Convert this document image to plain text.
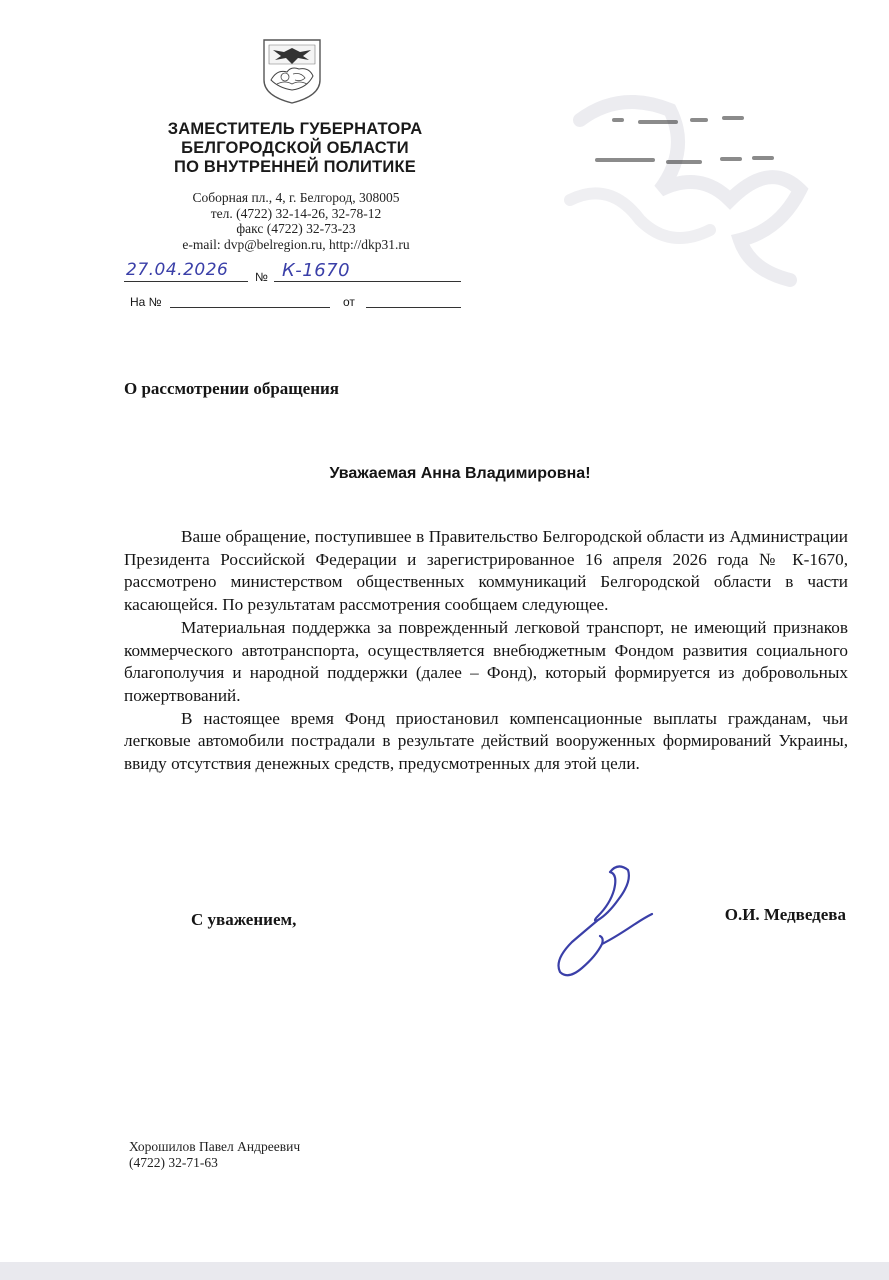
ЗАМЕСТИТЕЛЬ ГУБЕРНАТОРА
БЕЛГОРОДСКОЙ ОБЛАСТИ
ПО ВНУТРЕННЕЙ ПОЛИТИКЕ
Соборная пл., 4, г. Белгород, 308005
тел. (4722) 32-14-26, 32-78-12
факс (4722) 32-73-23
e-mail: dvp@belregion.ru, http://dkp31.ru
27.04.2026 № К-1670
На №	от
О рассмотрении обращения
Уважаемая Анна Владимировна!

Ваше обращение, поступившее в Правительство Белгородской области из Администрации Президента Российской Федерации и зарегистрированное 16 апреля 2026 года № К-1670, рассмотрено министерством общественных коммуникаций Белгородской области в части касающейся. По результатам рассмотрения сообщаем следующее.

Материальная поддержка за поврежденный легковой транспорт, не имеющий признаков коммерческого автотранспорта, осуществляется внебюджетным Фондом развития социального благополучия и народной поддержки (далее – Фонд), который формируется из добровольных пожертвований.

В настоящее время Фонд приостановил компенсационные выплаты гражданам, чьи легковые автомобили пострадали в результате действий вооруженных формирований Украины, ввиду отсутствия денежных средств, предусмотренных для этой цели.

С уважением,	О.И. Медведева
Хорошилов Павел Андреевич
(4722) 32-71-63
